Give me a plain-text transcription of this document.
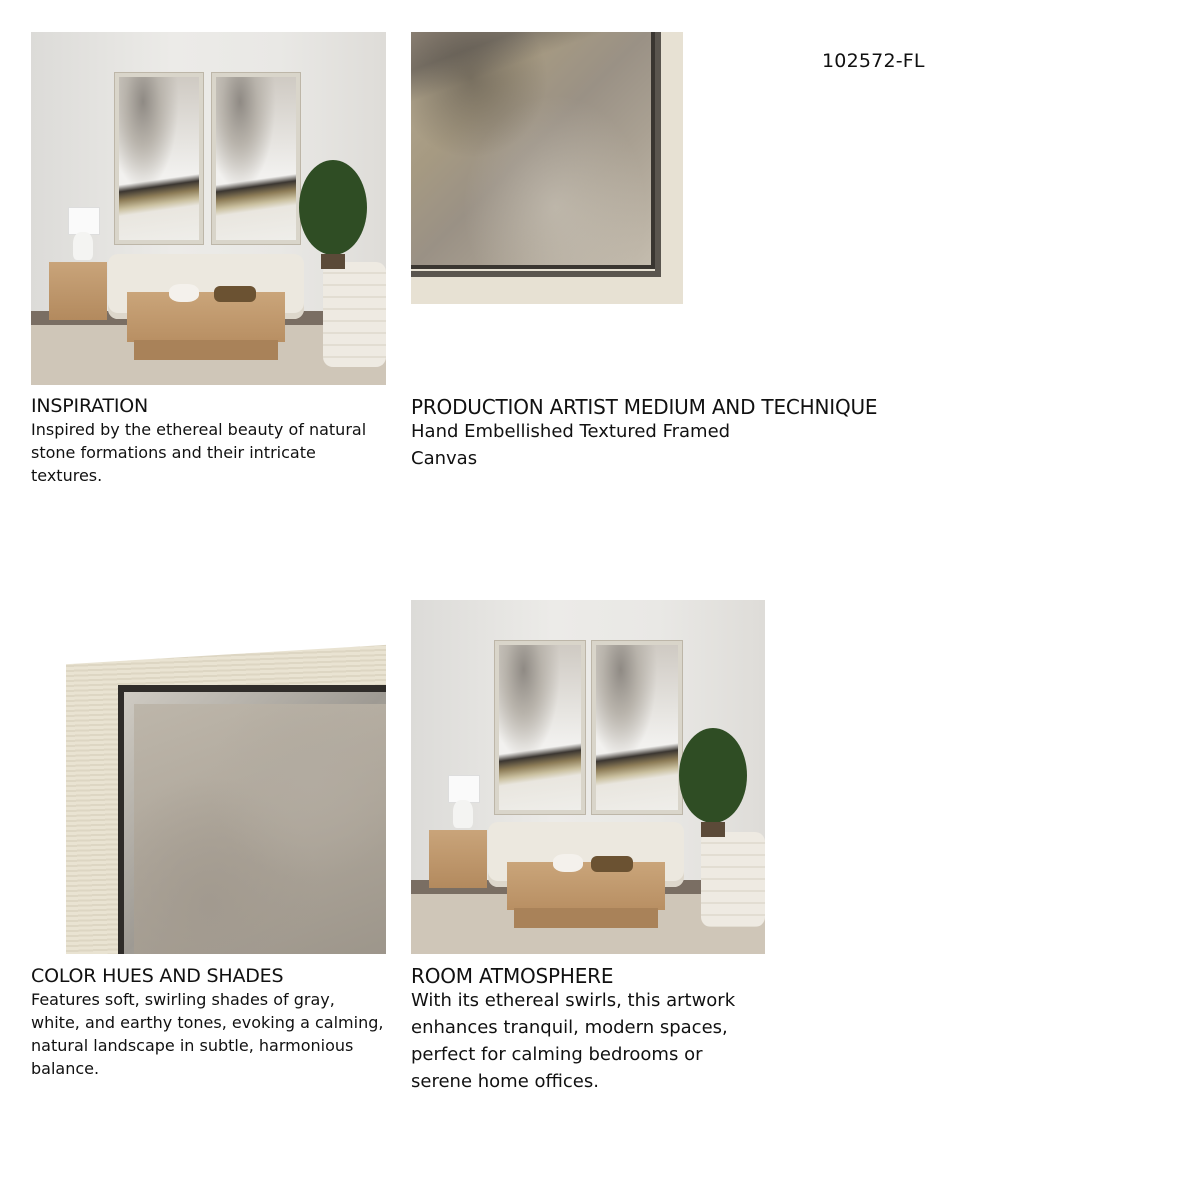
102572-FL
INSPIRATION
Inspired by the ethereal beauty of natural stone formations and their intricate textures.
PRODUCTION ARTIST MEDIUM AND TECHNIQUE
Hand Embellished Textured Framed
Canvas
COLOR HUES AND SHADES
Features soft, swirling shades of gray, white, and earthy tones, evoking a calming, natural landscape in subtle, harmonious balance.
ROOM ATMOSPHERE
With its ethereal swirls, this artwork enhances tranquil, modern spaces, perfect for calming bedrooms or serene home offices.
